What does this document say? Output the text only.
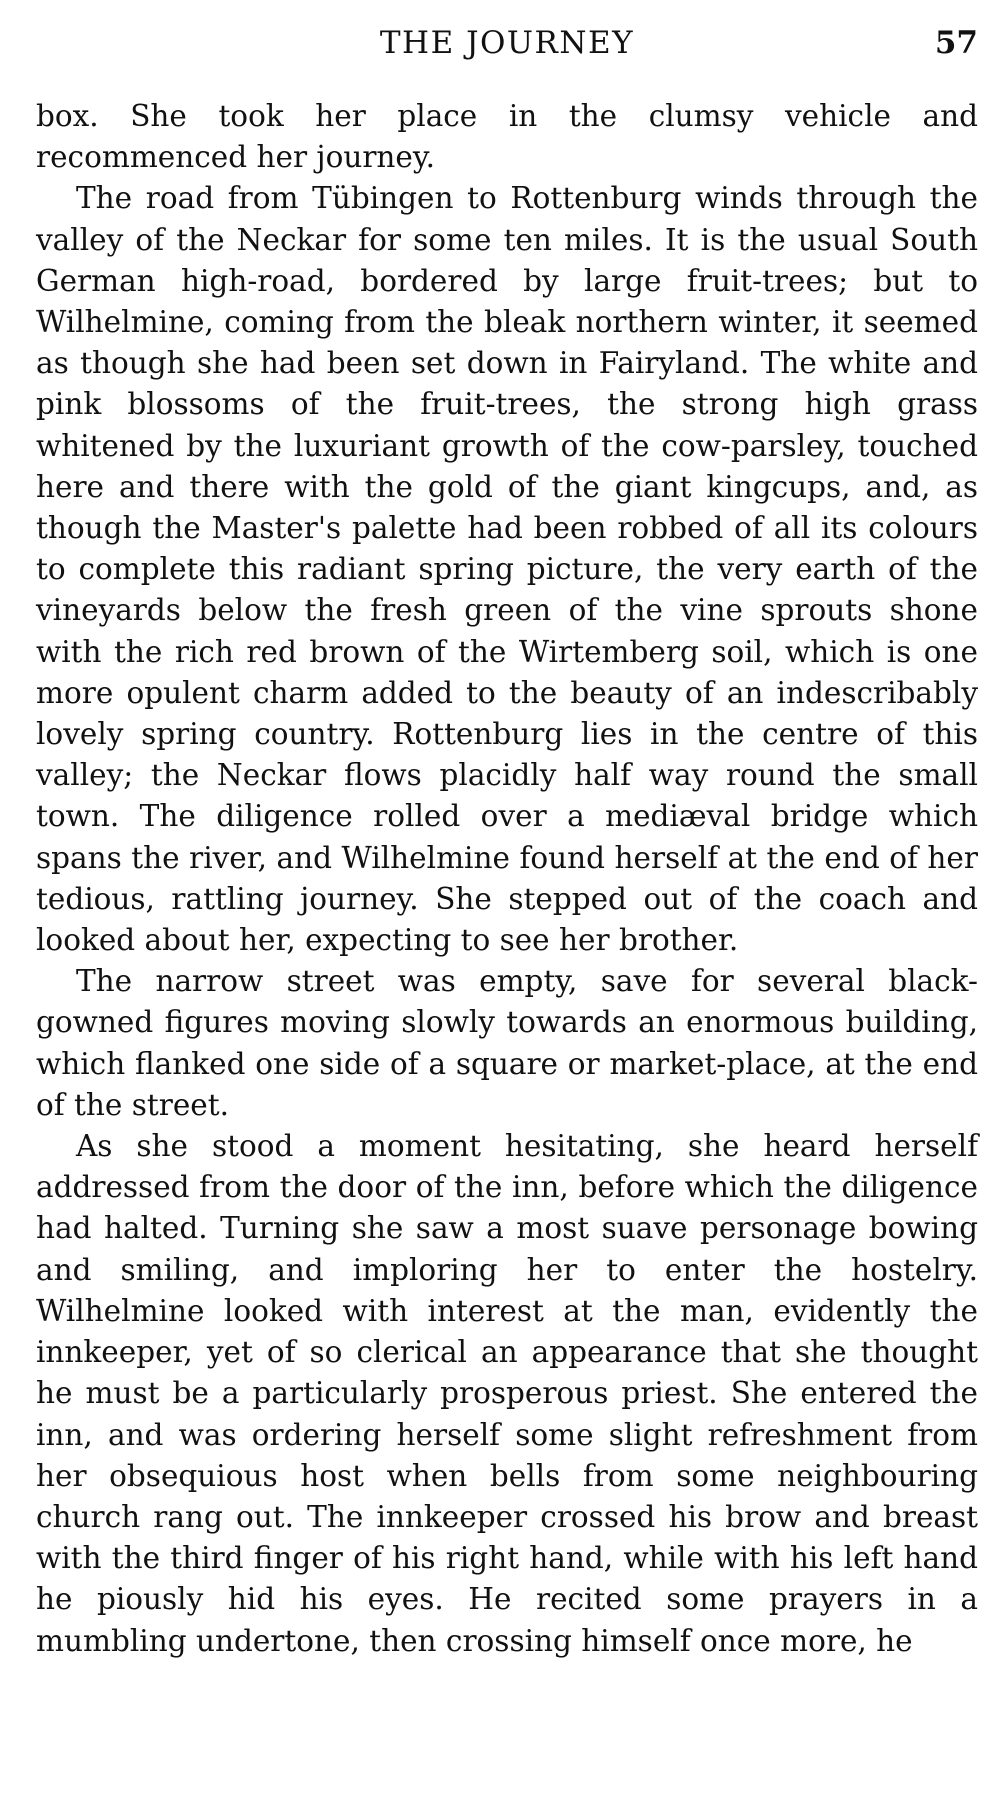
THE JOURNEY	57

box. She took her place in the clumsy vehicle and recommenced her journey.

The road from Tübingen to Rottenburg winds through the valley of the Neckar for some ten miles. It is the usual South German high-road, bordered by large fruit-trees; but to Wilhelmine, coming from the bleak northern winter, it seemed as though she had been set down in Fairyland. The white and pink blossoms of the fruit-trees, the strong high grass whitened by the luxuriant growth of the cow-parsley, touched here and there with the gold of the giant kingcups, and, as though the Master's palette had been robbed of all its colours to complete this radiant spring picture, the very earth of the vineyards below the fresh green of the vine sprouts shone with the rich red brown of the Wirtemberg soil, which is one more opulent charm added to the beauty of an indescribably lovely spring country. Rottenburg lies in the centre of this valley; the Neckar flows placidly half way round the small town. The diligence rolled over a mediæval bridge which spans the river, and Wilhelmine found herself at the end of her tedious, rattling journey. She stepped out of the coach and looked about her, expecting to see her brother.

The narrow street was empty, save for several black-gowned figures moving slowly towards an enormous building, which flanked one side of a square or market-place, at the end of the street.

As she stood a moment hesitating, she heard herself addressed from the door of the inn, before which the diligence had halted. Turning she saw a most suave personage bowing and smiling, and imploring her to enter the hostelry. Wilhelmine looked with interest at the man, evidently the innkeeper, yet of so clerical an appearance that she thought he must be a particularly prosperous priest. She entered the inn, and was ordering herself some slight refreshment from her obsequious host when bells from some neighbouring church rang out. The innkeeper crossed his brow and breast with the third finger of his right hand, while with his left hand he piously hid his eyes. He recited some prayers in a mumbling undertone, then crossing himself once more, he
